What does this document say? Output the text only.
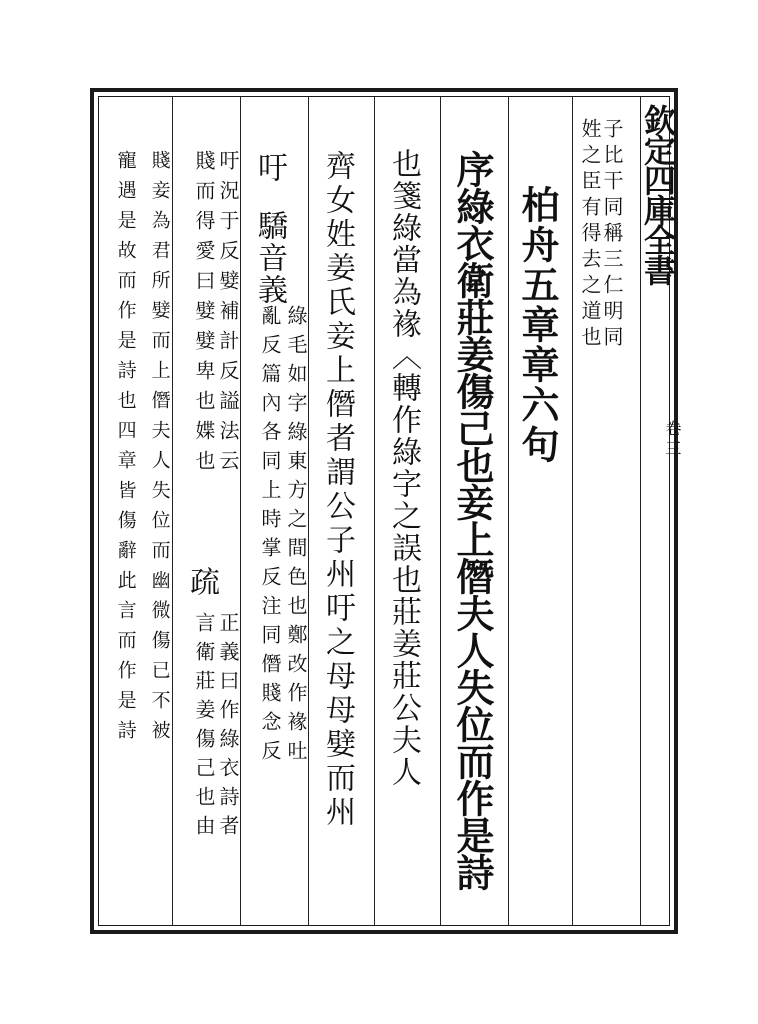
欽定四庫全書
卷三
子比干同稱三仁明同
姓之臣有得去之道也
柏舟五章章六句
序綠衣衛莊姜傷己也妾上僭夫人失位而作是詩
也箋綠當為褖〈轉作綠字之誤也莊姜莊公夫人
齊女姓姜氏妾上僭者謂公子州吁之母母嬖而州
吁
驕音義
綠毛如字綠東方之間色也鄭改作褖吐
亂反篇內各同上時掌反注同僭賤念反
吁況于反嬖補計反謚法云
疏
正義曰作綠衣詩者
賤而得愛曰嬖嬖卑也媟也
言衛莊姜傷己也由
賤妾為君所嬖而上僭夫人失位而幽微傷已不被
寵遇是故而作是詩也四章皆傷辭此言而作是詩
